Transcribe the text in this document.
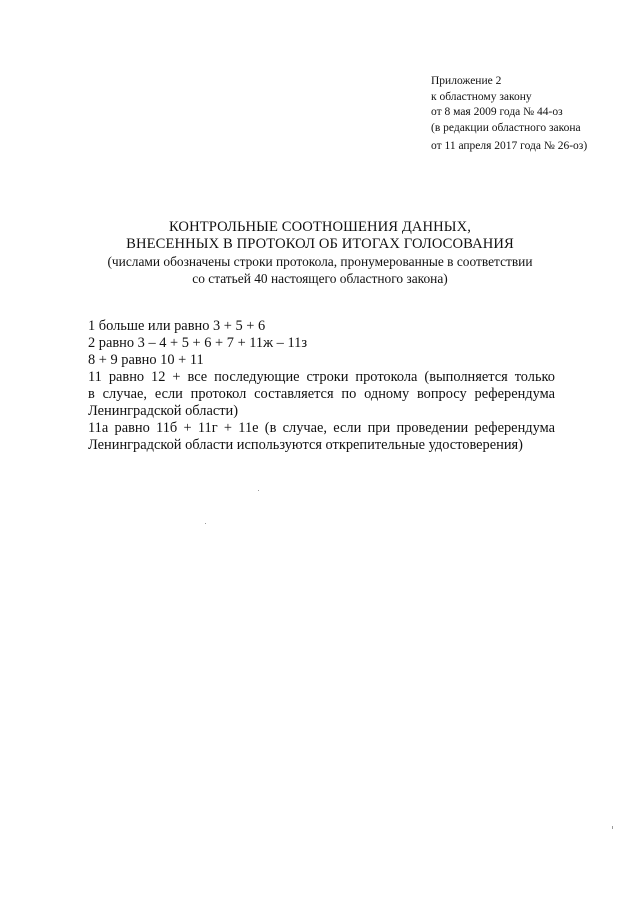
Приложение 2
к областному закону
от 8 мая 2009 года № 44-оз
(в редакции областного закона
от 11 апреля 2017 года № 26-оз)
КОНТРОЛЬНЫЕ СООТНОШЕНИЯ ДАННЫХ,
ВНЕСЕННЫХ В ПРОТОКОЛ ОБ ИТОГАХ ГОЛОСОВАНИЯ
(числами обозначены строки протокола, пронумерованные в соответствии
со статьей 40 настоящего областного закона)
1 больше или равно 3 + 5 + 6
2 равно 3 – 4 + 5 + 6 + 7 + 11ж – 11з
8 + 9 равно 10 + 11
11 равно 12 + все последующие строки протокола (выполняется только
в случае, если протокол составляется по одному вопросу референдума
Ленинградской области)
11а равно 11б + 11г + 11е (в случае, если при проведении референдума
Ленинградской области используются открепительные удостоверения)
